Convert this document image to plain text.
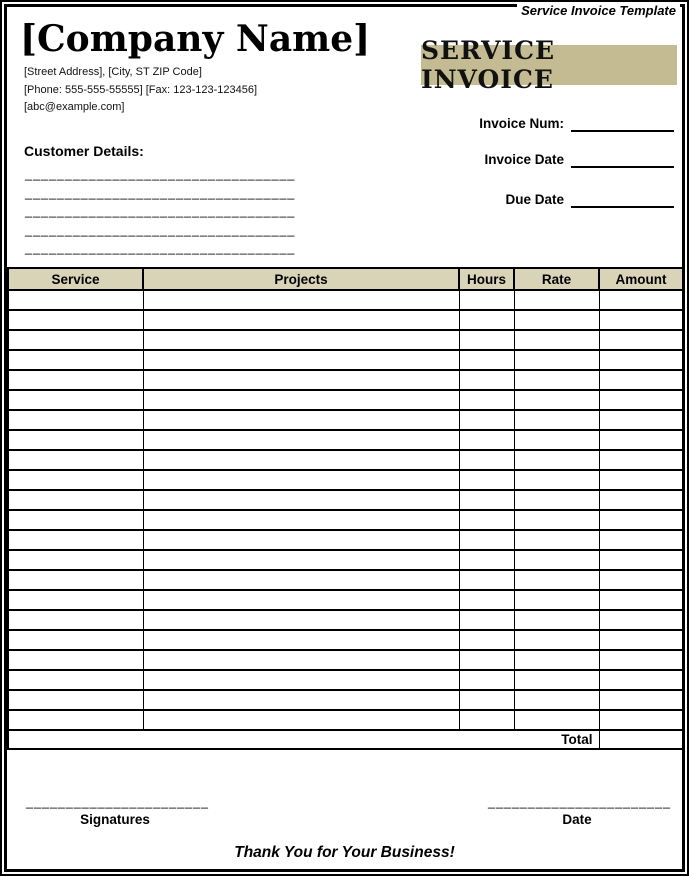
Service Invoice Template
[Company Name] SERVICE INVOICE
[Street Address], [City, ST ZIP Code]
[Phone: 555-555-55555] [Fax: 123-123-123456]
[abc@example.com]
Invoice Num:
Invoice Date
Due Date
Customer Details:
__________________________________
__________________________________
__________________________________
__________________________________
__________________________________
Service	Projects	Hours	Rate	Amount

Total				
_______________________
Signatures
_______________________
Date
Thank You for Your Business!
